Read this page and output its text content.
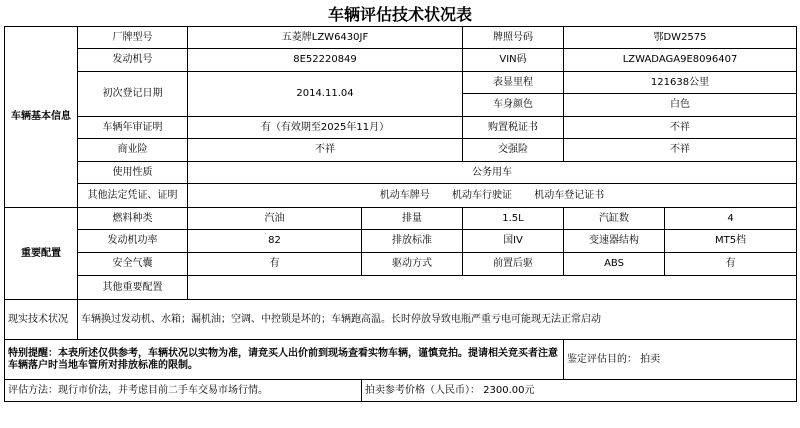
车辆评估技术状况表
车辆基本信息	厂牌型号	五菱牌LZW6430JF		牌照号码	鄂DW2575	
	发动机号	8E52220849		VIN码	LZWADAGA9E8096407	
	初次登记日期	2014.11.04		表显里程	121638公里	
				车身颜色	白色	
	车辆年审证明	有（有效期至2025年11月）		购置税证书	不祥	
	商业险	不祥		交强险	不祥	
	使用性质	公务用车				
	其他法定凭证、证明	机动车牌号 机动车行驶证 机动车登记证书				
重要配置	燃料种类	汽油	排量	1.5L	汽缸数	4
	发动机功率	82	排放标准	国IV	变速器结构	MT5档
	安全气囊	有	驱动方式	前置后驱	ABS	有
	其他重要配置					
现实技术状况	车辆换过发动机、水箱；漏机油；空调、中控锁是坏的；车辆跑高温。长时停放导致电瓶严重亏电可能现无法正常启动					
特别提醒：本表所述仅供参考，车辆状况以实物为准，请竞买人出价前到现场查看实物车辆，谨慎竞拍。提请相关竞买者注意车辆落户时当地车管所对排放标准的限制。					鉴定评估目的： 拍卖	
评估方法：现行市价法，并考虑目前二手车交易市场行情。			拍卖参考价格（人民币）： 2300.00元			
